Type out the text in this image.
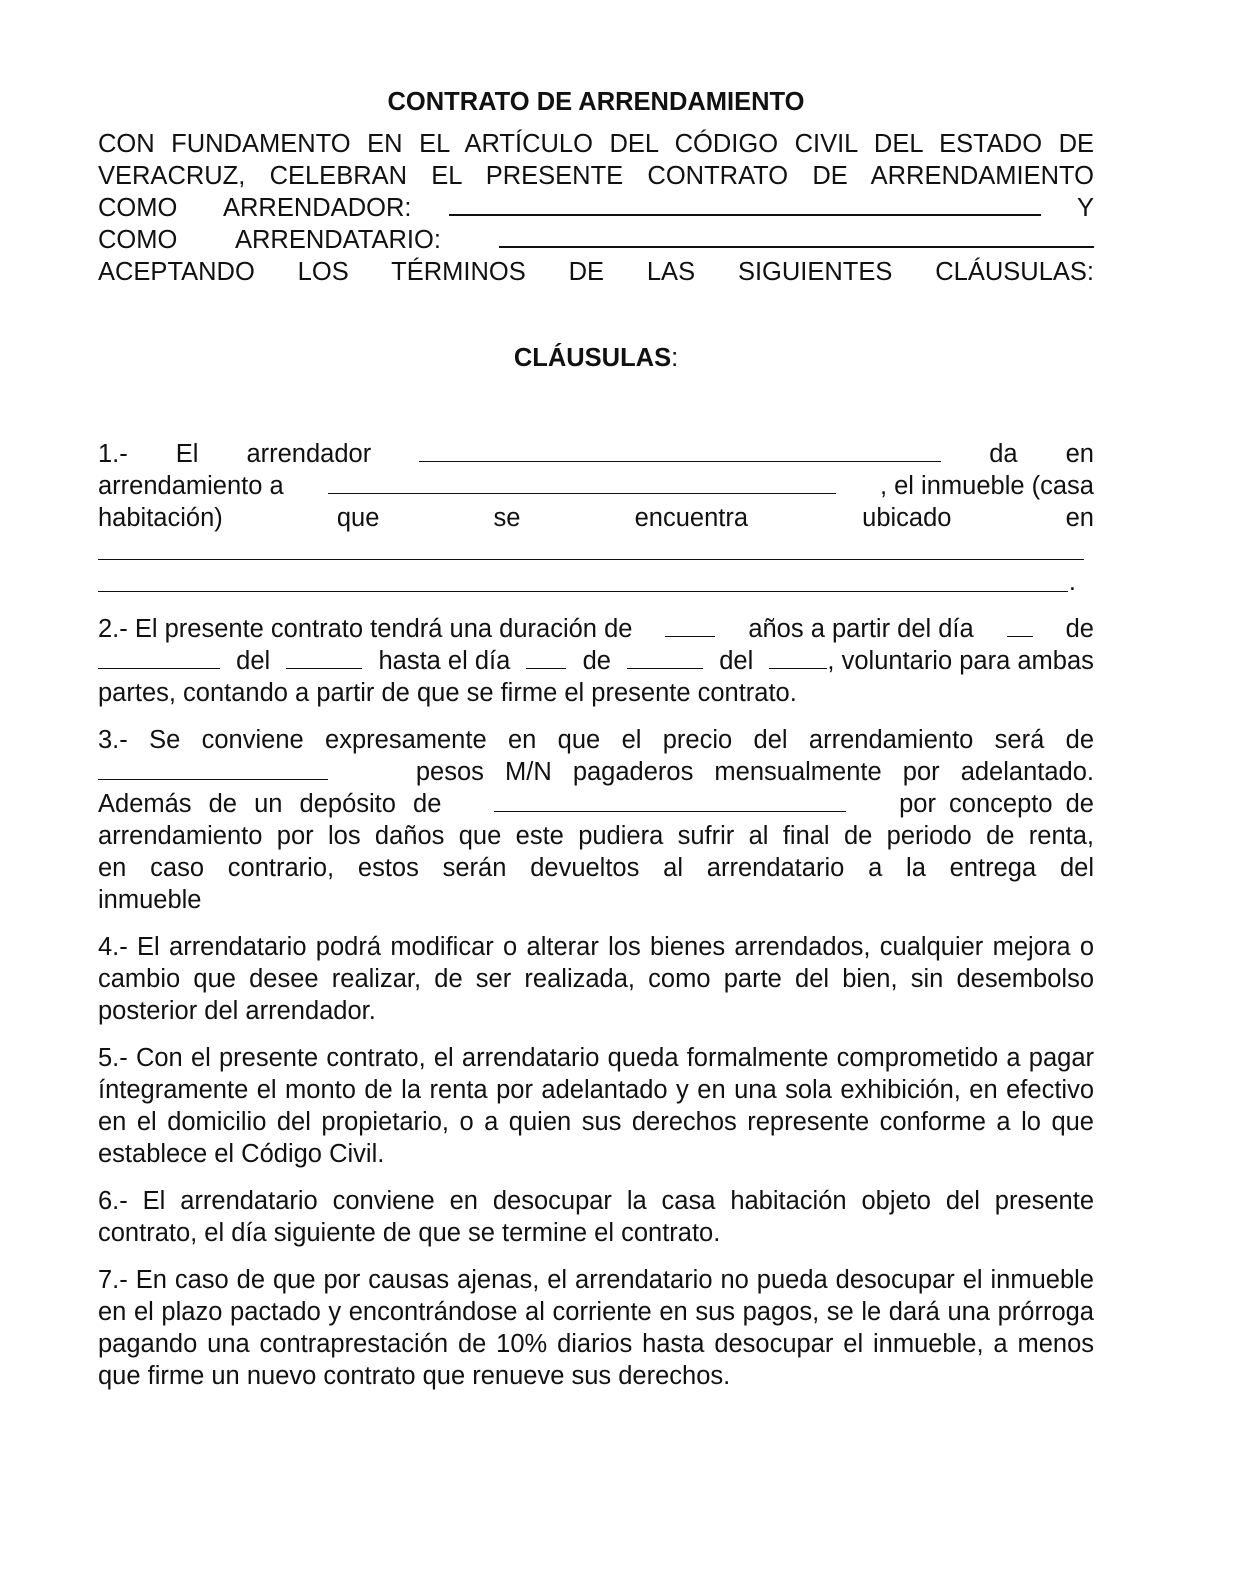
CONTRATO DE ARRENDAMIENTO
CON FUNDAMENTO EN EL ARTÍCULO DEL CÓDIGO CIVIL DEL ESTADO DE
VERACRUZ, CELEBRAN EL PRESENTE CONTRATO DE ARRENDAMIENTO
COMO ARRENDADOR:	Y
COMO ARRENDATARIO:
ACEPTANDO LOS TÉRMINOS DE LAS SIGUIENTES CLÁUSULAS:
CLÁUSULAS:
1.- El arrendador	da en
arrendamiento a	, el inmueble (casa
habitación)	que	se	encuentra	ubicado	en
.
2.- El presente contrato tendrá una duración de	años a partir del día	de
del	hasta el día	de	del	, voluntario para ambas
partes, contando a partir de que se firme el presente contrato.
3.- Se conviene expresamente en que el precio del arrendamiento será de
pesos M/N pagaderos mensualmente por adelantado.
Además de un depósito de	por concepto de
arrendamiento por los daños que este pudiera sufrir al final de periodo de renta,
en caso contrario, estos serán devueltos al arrendatario a la entrega del
inmueble
4.- El arrendatario podrá modificar o alterar los bienes arrendados, cualquier mejora o cambio que desee realizar, de ser realizada, como parte del bien, sin desembolso posterior del arrendador.
5.- Con el presente contrato, el arrendatario queda formalmente comprometido a pagar íntegramente el monto de la renta por adelantado y en una sola exhibición, en efectivo en el domicilio del propietario, o a quien sus derechos represente conforme a lo que establece el Código Civil.
6.- El arrendatario conviene en desocupar la casa habitación objeto del presente contrato, el día siguiente de que se termine el contrato.
7.- En caso de que por causas ajenas, el arrendatario no pueda desocupar el inmueble en el plazo pactado y encontrándose al corriente en sus pagos, se le dará una prórroga pagando una contraprestación de 10% diarios hasta desocupar el inmueble, a menos que firme un nuevo contrato que renueve sus derechos.
